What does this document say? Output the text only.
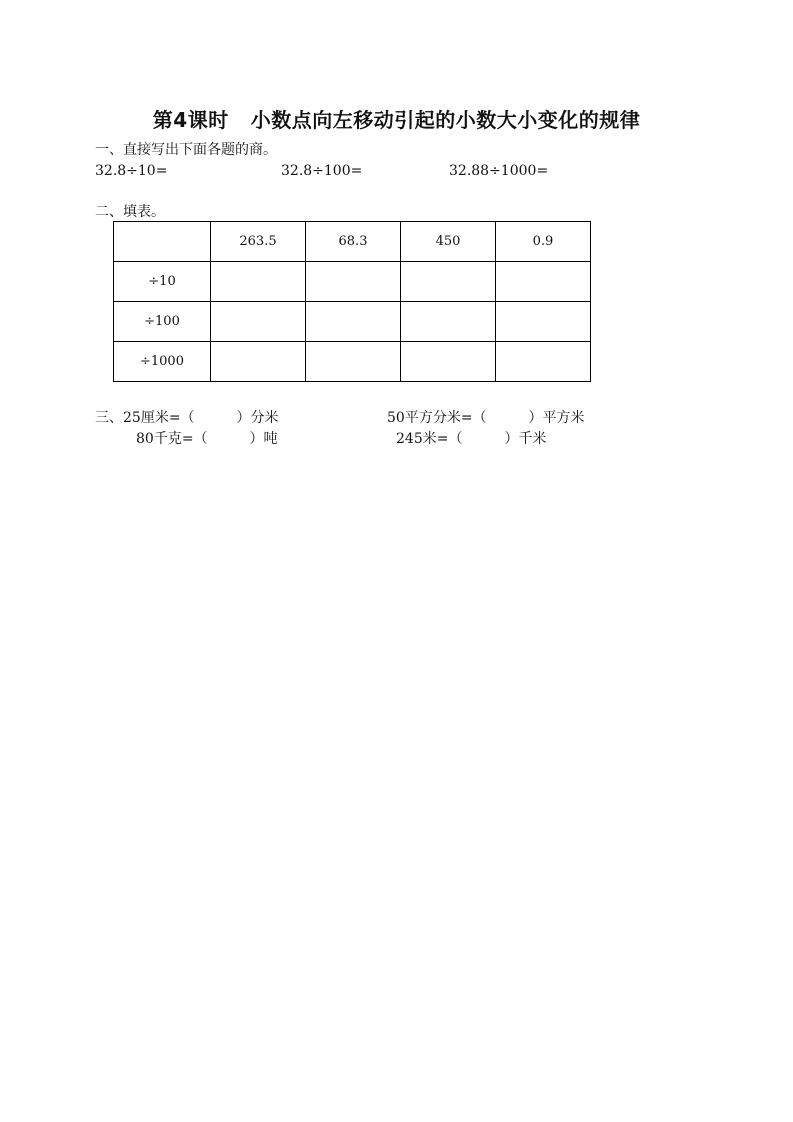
第4课时 小数点向左移动引起的小数大小变化的规律
一、直接写出下面各题的商。
32.8÷10=	32.8÷100=	32.88÷1000=
二、填表。
	263.5	68.3	450	0.9
÷10				
÷100				
÷1000				
三、25厘米=（　　　）分米	50平方分米=（　　　）平方米
80千克=（　　　）吨	245米=（　　　）千米
